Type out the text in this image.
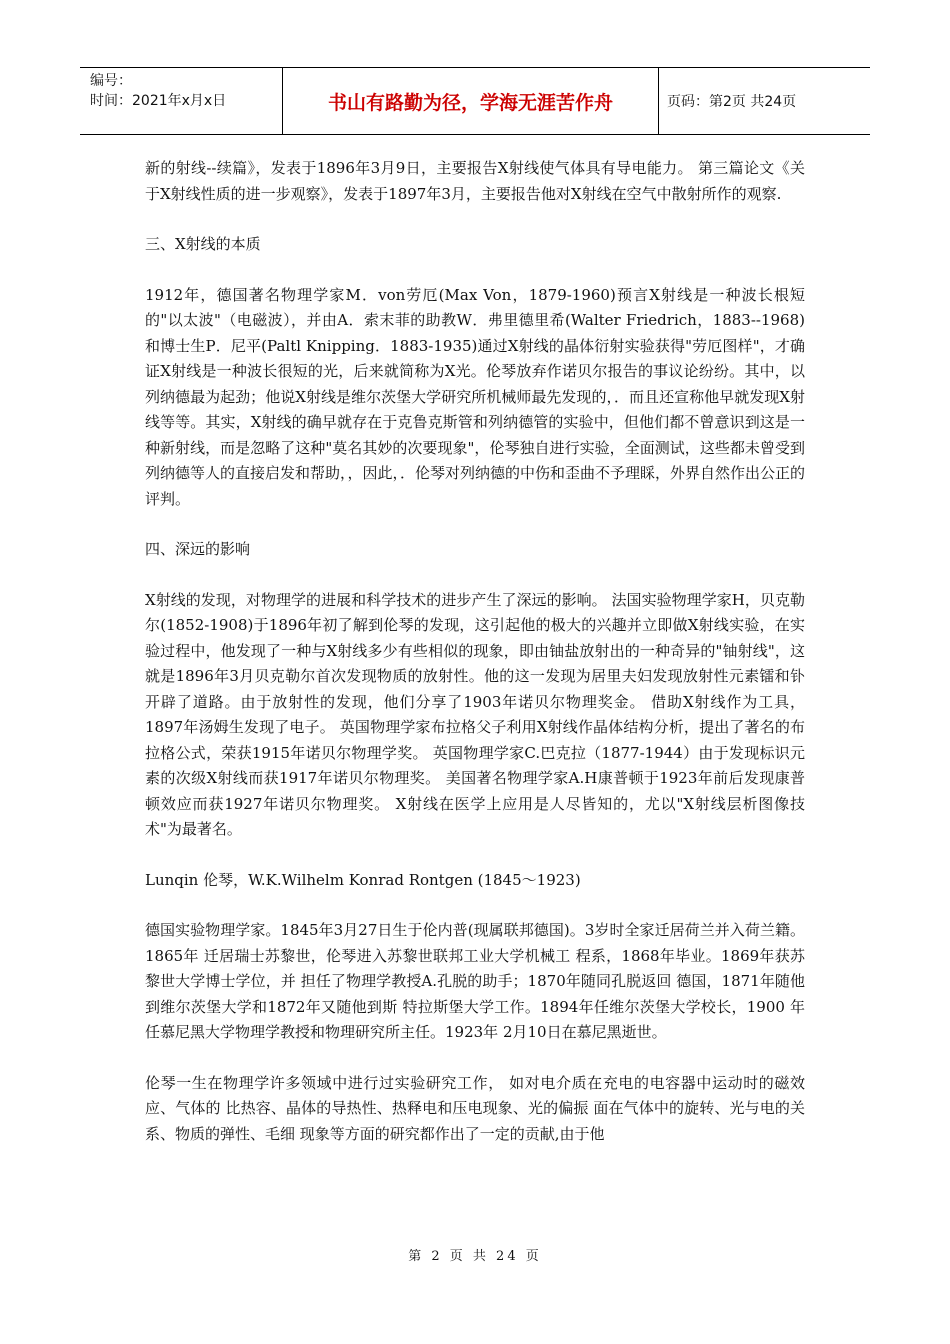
编号：
时间：2021年x月x日	书山有路勤为径，学海无涯苦作舟	页码：第2页 共24页

新的射线--续篇》，发表于1896年3月9日，主要报告X射线使气体具有导电能力。 第三篇论文《关于X射线性质的进一步观察》，发表于1897年3月，主要报告他对X射线在空气中散射所作的观察.

三、X射线的本质

1912年，德国著名物理学家M．von劳厄(Max Von，1879-1960)预言X射线是一种波长根短的"以太波"（电磁波），并由A．索末菲的助教W．弗里德里希(Walter Friedrich，1883--1968)和博士生P．尼平(Paltl Knipping．1883-1935)通过X射线的晶体衍射实验获得"劳厄图样"，才确证X射线是一种波长很短的光，后来就简称为X光。伦琴放弃作诺贝尔报告的事议论纷纷。其中，以列纳德最为起劲；他说X射线是维尔茨堡大学研究所机械师最先发现的，．而且还宣称他早就发现X射线等等。其实，X射线的确早就存在于克鲁克斯管和列纳德管的实验中，但他们都不曾意识到这是一种新射线，而是忽略了这种"莫名其妙的次要现象"，伦琴独自进行实验，全面测试，这些都未曾受到列纳德等人的直接启发和帮助，，因此，．伦琴对列纳德的中伤和歪曲不予理睬，外界自然作出公正的评判。

四、深远的影响

X射线的发现，对物理学的进展和科学技术的进步产生了深远的影响。 法国实验物理学家H，贝克勒尔(1852-1908)于1896年初了解到伦琴的发现，这引起他的极大的兴趣并立即做X射线实验，在实验过程中，他发现了一种与X射线多少有些相似的现象，即由铀盐放射出的一种奇异的"铀射线"，这就是1896年3月贝克勒尔首次发现物质的放射性。他的这一发现为居里夫妇发现放射性元素镭和钋开辟了道路。由于放射性的发现，他们分享了1903年诺贝尔物理奖金。 借助X射线作为工具，1897年汤姆生发现了电子。 英国物理学家布拉格父子利用X射线作晶体结构分析，提出了著名的布拉格公式，荣获1915年诺贝尔物理学奖。 英国物理学家C.巴克拉（1877-1944）由于发现标识元素的次级X射线而获1917年诺贝尔物理奖。 美国著名物理学家A.H康普顿于1923年前后发现康普顿效应而获1927年诺贝尔物理奖。 X射线在医学上应用是人尽皆知的，尤以"X射线层析图像技术"为最著名。

Lunqin 伦琴，W.K.Wilhelm Konrad Rontgen (1845～1923)

德国实验物理学家。1845年3月27日生于伦内普(现属联邦德国)。3岁时全家迁居荷兰并入荷兰籍。1865年 迁居瑞士苏黎世，伦琴进入苏黎世联邦工业大学机械工 程系，1868年毕业。1869年获苏黎世大学博士学位，并 担任了物理学教授A.孔脱的助手；1870年随同孔脱返回 德国，1871年随他到维尔茨堡大学和1872年又随他到斯 特拉斯堡大学工作。1894年任维尔茨堡大学校长，1900 年任慕尼黑大学物理学教授和物理研究所主任。1923年 2月10日在慕尼黑逝世。

伦琴一生在物理学许多领域中进行过实验研究工作， 如对电介质在充电的电容器中运动时的磁效应、气体的 比热容、晶体的导热性、热释电和压电现象、光的偏振 面在气体中的旋转、光与电的关系、物质的弹性、毛细 现象等方面的研究都作出了一定的贡献,由于他

第 2 页 共 24 页
